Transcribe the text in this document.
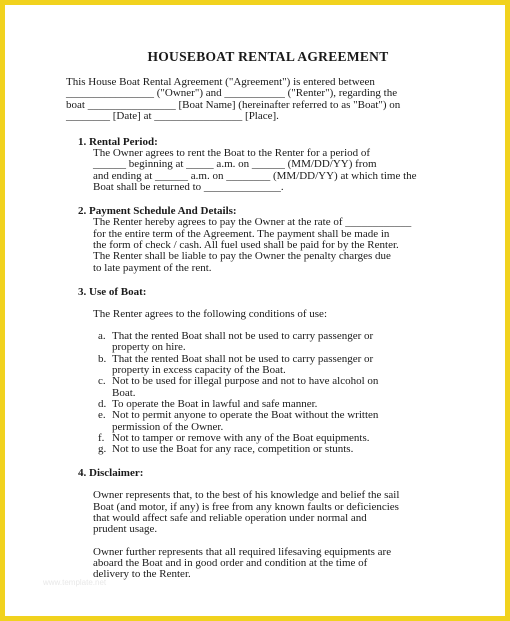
HOUSEBOAT RENTAL AGREEMENT

This House Boat Rental Agreement ("Agreement") is entered between

________________ ("Owner") and ___________ ("Renter"), regarding the

boat ________________ [Boat Name] (hereinafter referred to as "Boat") on

________ [Date] at ________________ [Place].

1. Rental Period:

The Owner agrees to rent the Boat to the Renter for a period of

______ beginning at _____ a.m. on ______ (MM/DD/YY) from

and ending at ______ a.m. on ________ (MM/DD/YY) at which time the

Boat shall be returned to ______________.

2. Payment Schedule And Details:

The Renter hereby agrees to pay the Owner at the rate of ____________

for the entire term of the Agreement. The payment shall be made in

the form of check / cash. All fuel used shall be paid for by the Renter.

The Renter shall be liable to pay the Owner the penalty charges due

to late payment of the rent.

3. Use of Boat:

The Renter agrees to the following conditions of use:

a. That the rented Boat shall not be used to carry passenger or
property on hire.
b. That the rented Boat shall not be used to carry passenger or
property in excess capacity of the Boat.
c. Not to be used for illegal purpose and not to have alcohol on
Boat.
d. To operate the Boat in lawful and safe manner.
e. Not to permit anyone to operate the Boat without the written
permission of the Owner.
f. Not to tamper or remove with any of the Boat equipments.
g. Not to use the Boat for any race, competition or stunts.
4. Disclaimer:

Owner represents that, to the best of his knowledge and belief the sail

Boat (and motor, if any) is free from any known faults or deficiencies

that would affect safe and reliable operation under normal and

prudent usage.

Owner further represents that all required lifesaving equipments are

aboard the Boat and in good order and condition at the time of

delivery to the Renter.

www.template.net
